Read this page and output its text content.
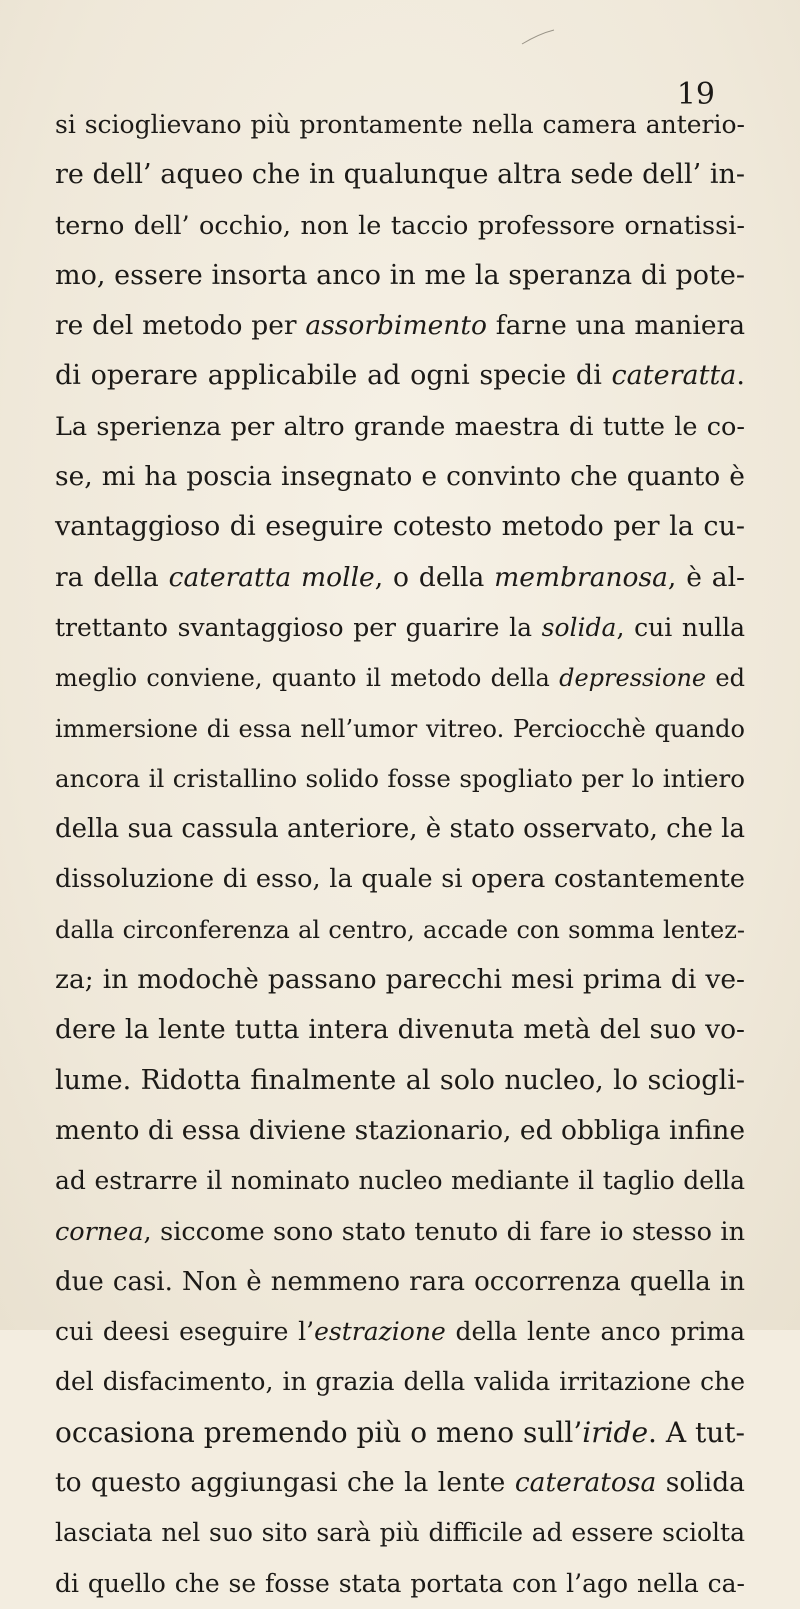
19
si scioglievano più prontamente nella camera anterio-
re dell’ aqueo che in qualunque altra sede dell’ in-
terno dell’ occhio, non le taccio professore ornatissi-
mo, essere insorta anco in me la speranza di pote-
re del metodo per assorbimento farne una maniera
di operare applicabile ad ogni specie di cateratta.
La sperienza per altro grande maestra di tutte le co-
se, mi ha poscia insegnato e convinto che quanto è
vantaggioso di eseguire cotesto metodo per la cu-
ra della cateratta molle, o della membranosa, è al-
trettanto svantaggioso per guarire la solida, cui nulla
meglio conviene, quanto il metodo della depressione ed
immersione di essa nell’umor vitreo. Perciocchè quando
ancora il cristallino solido fosse spogliato per lo intiero
della sua cassula anteriore, è stato osservato, che la
dissoluzione di esso, la quale si opera costantemente
dalla circonferenza al centro, accade con somma lentez-
za; in modochè passano parecchi mesi prima di ve-
dere la lente tutta intera divenuta metà del suo vo-
lume. Ridotta finalmente al solo nucleo, lo sciogli-
mento di essa diviene stazionario, ed obbliga infine
ad estrarre il nominato nucleo mediante il taglio della
cornea, siccome sono stato tenuto di fare io stesso in
due casi. Non è nemmeno rara occorrenza quella in
cui deesi eseguire l’estrazione della lente anco prima
del disfacimento, in grazia della valida irritazione che
occasiona premendo più o meno sull’iride. A tut-
to questo aggiungasi che la lente cateratosa solida
lasciata nel suo sito sarà più difficile ad essere sciolta
di quello che se fosse stata portata con l’ago nella ca-
